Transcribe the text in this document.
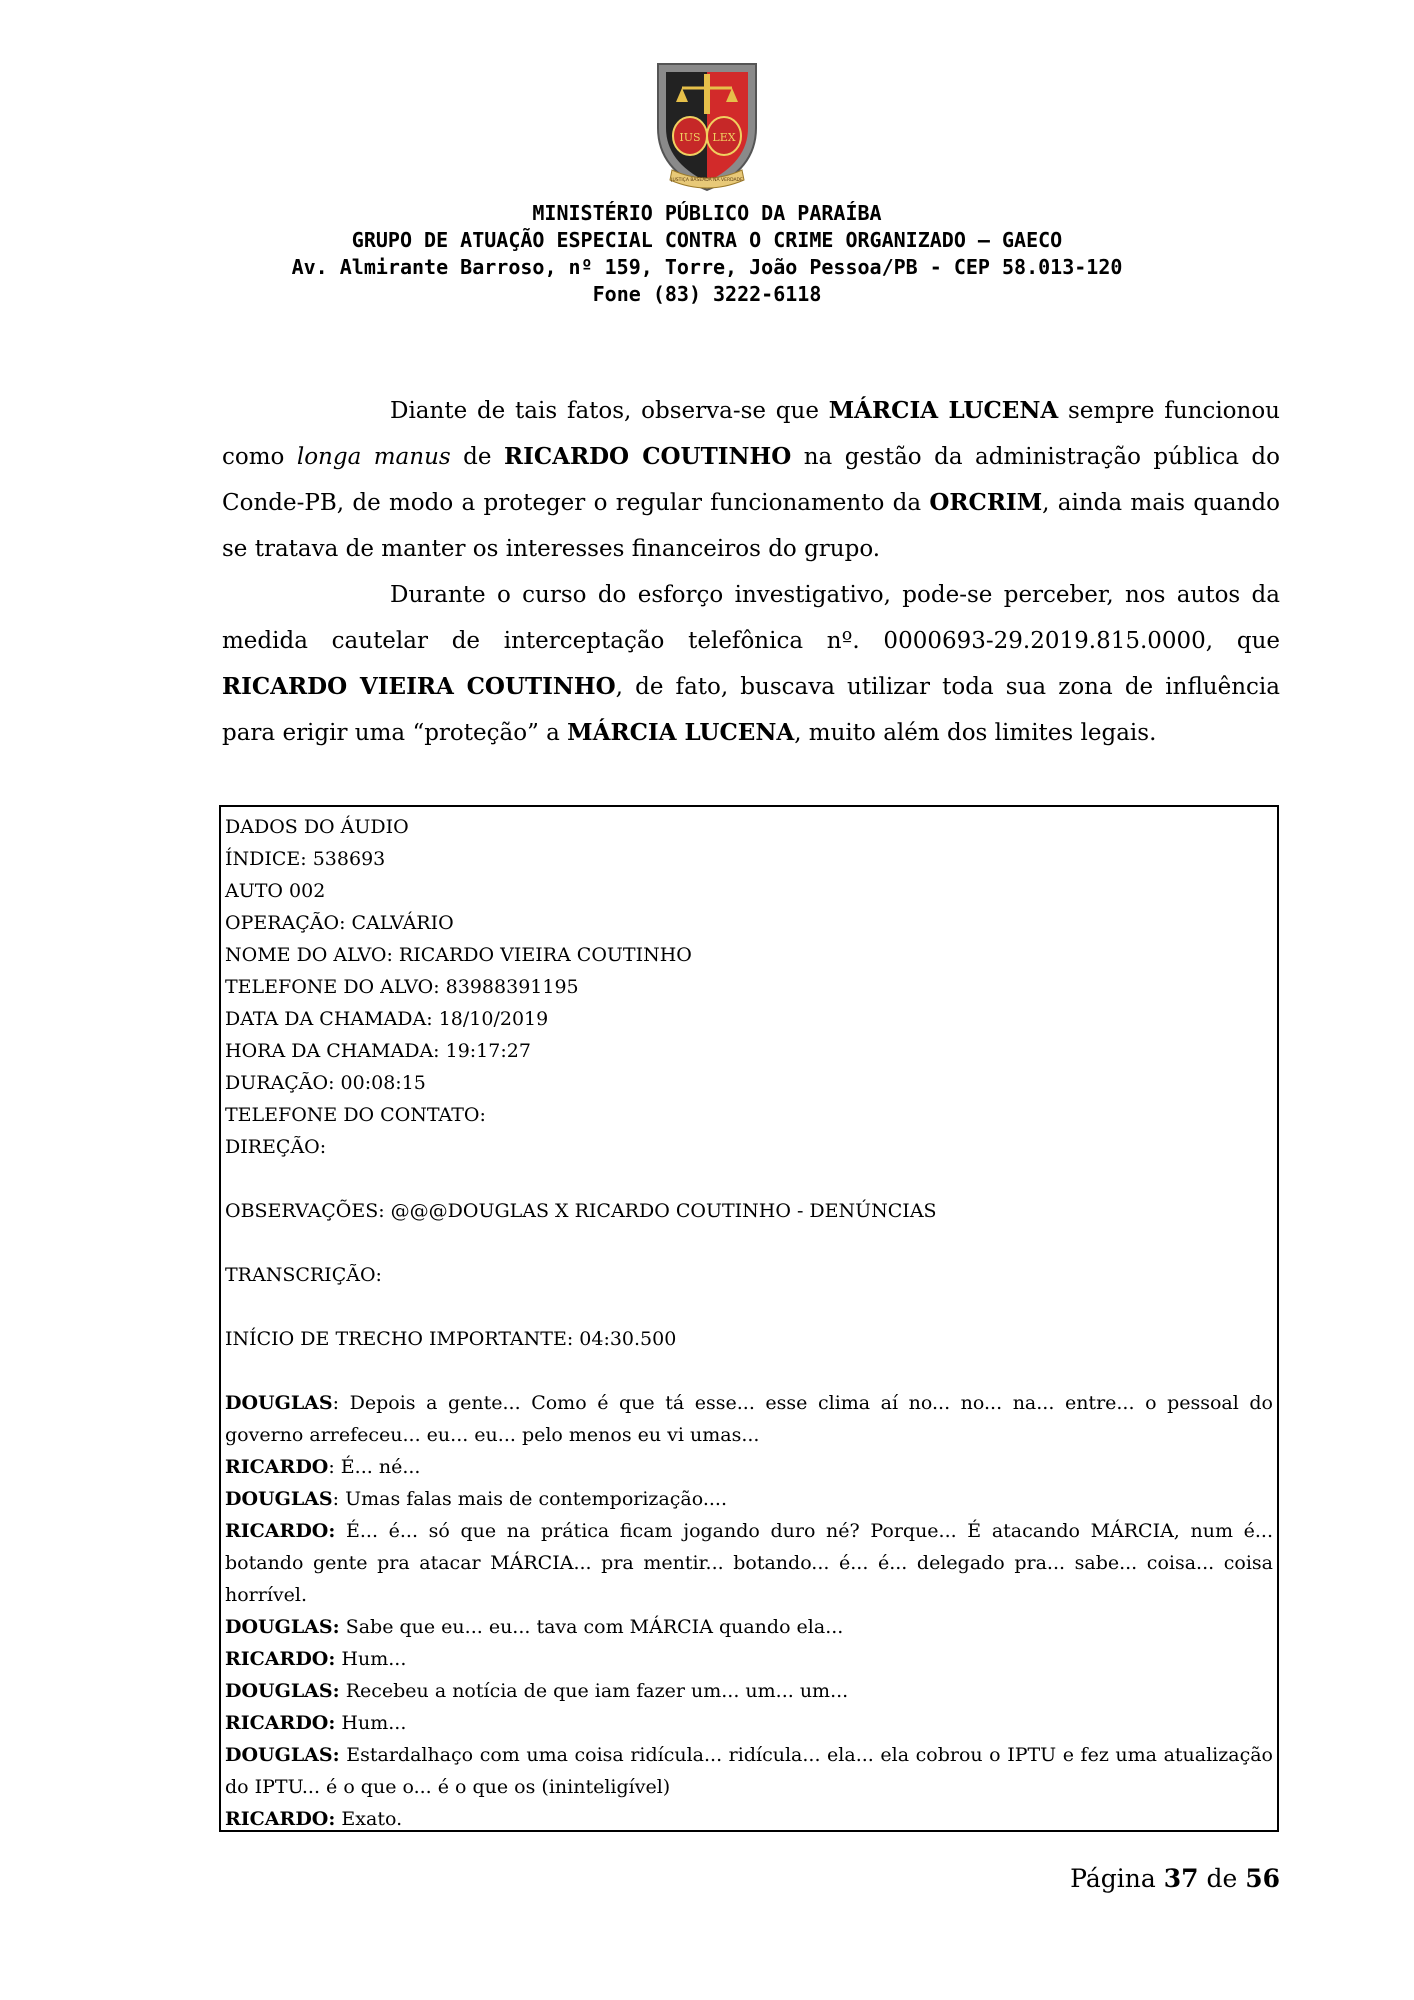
IUS LEX
JUSTIÇA BASEADA NA VERDADE
MINISTÉRIO PÚBLICO DA PARAÍBA
GRUPO DE ATUAÇÃO ESPECIAL CONTRA O CRIME ORGANIZADO – GAECO
Av. Almirante Barroso, nº 159, Torre, João Pessoa/PB - CEP 58.013-120
Fone (83) 3222-6118

Diante de tais fatos, observa-se que MÁRCIA LUCENA sempre funcionou como longa manus de RICARDO COUTINHO na gestão da administração pública do Conde-PB, de modo a proteger o regular funcionamento da ORCRIM, ainda mais quando se tratava de manter os interesses financeiros do grupo.

Durante o curso do esforço investigativo, pode-se perceber, nos autos da medida cautelar de interceptação telefônica nº. 0000693-29.2019.815.0000, que RICARDO VIEIRA COUTINHO, de fato, buscava utilizar toda sua zona de influência para erigir uma “proteção” a MÁRCIA LUCENA, muito além dos limites legais.

DADOS DO ÁUDIO
ÍNDICE: 538693
AUTO 002
OPERAÇÃO: CALVÁRIO
NOME DO ALVO: RICARDO VIEIRA COUTINHO
TELEFONE DO ALVO: 83988391195
DATA DA CHAMADA: 18/10/2019
HORA DA CHAMADA: 19:17:27
DURAÇÃO: 00:08:15
TELEFONE DO CONTATO:
DIREÇÃO:
OBSERVAÇÕES: @@@DOUGLAS X RICARDO COUTINHO - DENÚNCIAS
TRANSCRIÇÃO:
INÍCIO DE TRECHO IMPORTANTE: 04:30.500
DOUGLAS: Depois a gente... Como é que tá esse... esse clima aí no... no... na... entre... o pessoal do governo arrefeceu... eu... eu... pelo menos eu vi umas...
RICARDO: É... né...
DOUGLAS: Umas falas mais de contemporização....
RICARDO: É... é... só que na prática ficam jogando duro né? Porque... É atacando MÁRCIA, num é... botando gente pra atacar MÁRCIA... pra mentir... botando... é... é... delegado pra... sabe... coisa... coisa horrível.
DOUGLAS: Sabe que eu... eu... tava com MÁRCIA quando ela...
RICARDO: Hum...
DOUGLAS: Recebeu a notícia de que iam fazer um... um... um...
RICARDO: Hum...
DOUGLAS: Estardalhaço com uma coisa ridícula... ridícula... ela... ela cobrou o IPTU e fez uma atualização do IPTU... é o que o... é o que os (ininteligível)
RICARDO: Exato.
Página 37 de 56
